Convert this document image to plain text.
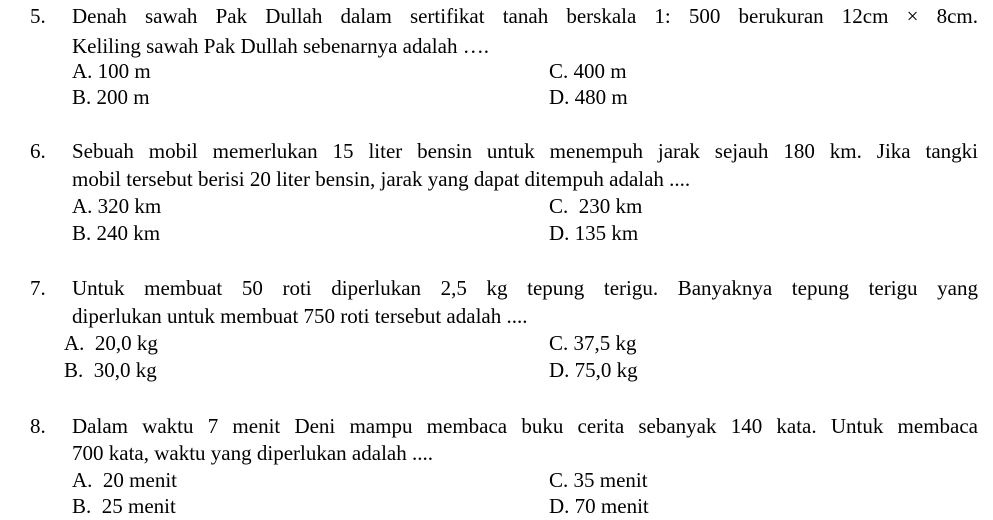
5. Denah sawah Pak Dullah dalam sertifikat tanah berskala 1: 500 berukuran 12cm × 8cm.
Keliling sawah Pak Dullah sebenarnya adalah ….
A. 100 m	C. 400 m
B. 200 m	D. 480 m
6. Sebuah mobil memerlukan 15 liter bensin untuk menempuh jarak sejauh 180 km. Jika tangki
mobil tersebut berisi 20 liter bensin, jarak yang dapat ditempuh adalah ....
A. 320 km	C.  230 km
B. 240 km	D. 135 km
7. Untuk membuat 50 roti diperlukan 2,5 kg tepung terigu. Banyaknya tepung terigu yang
diperlukan untuk membuat 750 roti tersebut adalah ....
A.  20,0 kg	C. 37,5 kg
B.  30,0 kg	D. 75,0 kg
8. Dalam waktu 7 menit Deni mampu membaca buku cerita sebanyak 140 kata. Untuk membaca
700 kata, waktu yang diperlukan adalah ....
A.  20 menit	C. 35 menit
B.  25 menit	D. 70 menit
